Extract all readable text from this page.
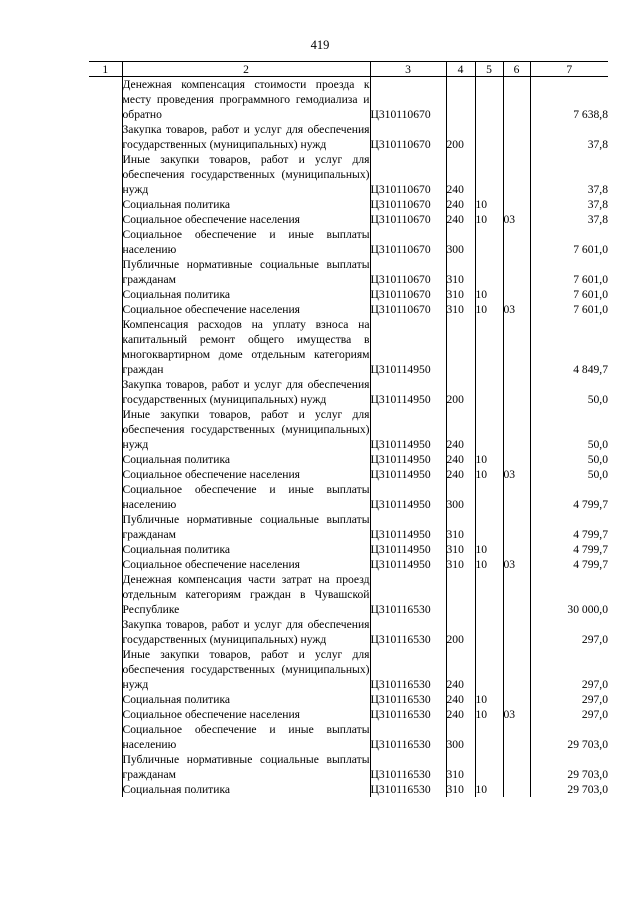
419
1	2	3	4	5	6	7
	Денежная компенсация стоимости проезда к месту проведения программного гемодиализа и обратно	Ц310110670				7 638,8
	Закупка товаров, работ и услуг для обеспечения государственных (муниципальных) нужд	Ц310110670	200			37,8
	Иные закупки товаров, работ и услуг для обеспечения государственных (муниципальных) нужд	Ц310110670	240			37,8
	Социальная политика	Ц310110670	240	10		37,8
	Социальное обеспечение населения	Ц310110670	240	10	03	37,8
	Социальное обеспечение и иные выплаты населению	Ц310110670	300			7 601,0
	Публичные нормативные социальные выплаты гражданам	Ц310110670	310			7 601,0
	Социальная политика	Ц310110670	310	10		7 601,0
	Социальное обеспечение населения	Ц310110670	310	10	03	7 601,0
	Компенсация расходов на уплату взноса на капитальный ремонт общего имущества в многоквартирном доме отдельным категориям граждан	Ц310114950				4 849,7
	Закупка товаров, работ и услуг для обеспечения государственных (муниципальных) нужд	Ц310114950	200			50,0
	Иные закупки товаров, работ и услуг для обеспечения государственных (муниципальных) нужд	Ц310114950	240			50,0
	Социальная политика	Ц310114950	240	10		50,0
	Социальное обеспечение населения	Ц310114950	240	10	03	50,0
	Социальное обеспечение и иные выплаты населению	Ц310114950	300			4 799,7
	Публичные нормативные социальные выплаты гражданам	Ц310114950	310			4 799,7
	Социальная политика	Ц310114950	310	10		4 799,7
	Социальное обеспечение населения	Ц310114950	310	10	03	4 799,7
	Денежная компенсация части затрат на проезд отдельным категориям граждан в Чувашской Республике	Ц310116530				30 000,0
	Закупка товаров, работ и услуг для обеспечения государственных (муниципальных) нужд	Ц310116530	200			297,0
	Иные закупки товаров, работ и услуг для обеспечения государственных (муниципальных) нужд	Ц310116530	240			297,0
	Социальная политика	Ц310116530	240	10		297,0
	Социальное обеспечение населения	Ц310116530	240	10	03	297,0
	Социальное обеспечение и иные выплаты населению	Ц310116530	300			29 703,0
	Публичные нормативные социальные выплаты гражданам	Ц310116530	310			29 703,0
	Социальная политика	Ц310116530	310	10		29 703,0
